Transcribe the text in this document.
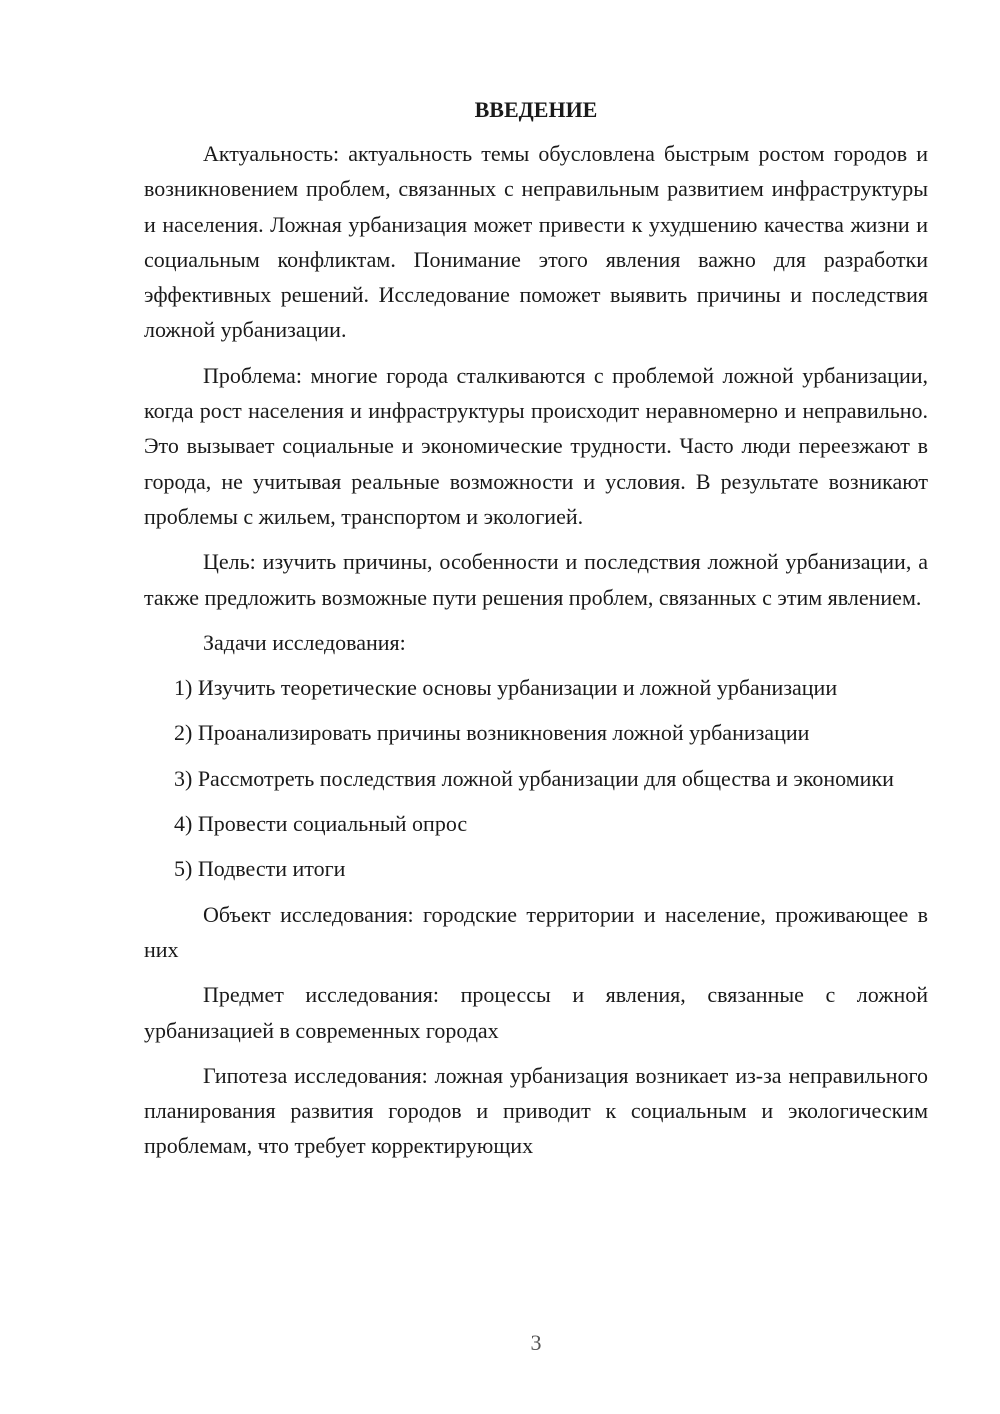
ВВЕДЕНИЕ

Актуальность: актуальность темы обусловлена быстрым ростом городов и возникновением проблем, связанных с неправильным развитием инфраструктуры и населения. Ложная урбанизация может привести к ухудшению качества жизни и социальным конфликтам. Понимание этого явления важно для разработки эффективных решений. Исследование поможет выявить причины и последствия ложной урбанизации.

Проблема: многие города сталкиваются с проблемой ложной урбанизации, когда рост населения и инфраструктуры происходит неравномерно и неправильно. Это вызывает социальные и экономические трудности. Часто люди переезжают в города, не учитывая реальные возможности и условия. В результате возникают проблемы с жильем, транспортом и экологией.

Цель: изучить причины, особенности и последствия ложной урбанизации, а также предложить возможные пути решения проблем, связанных с этим явлением.

Задачи исследования:

1) Изучить теоретические основы урбанизации и ложной урбанизации

2) Проанализировать причины возникновения ложной урбанизации

3) Рассмотреть последствия ложной урбанизации для общества и экономики

4) Провести социальный опрос

5) Подвести итоги

Объект исследования: городские территории и население, проживающее в них

Предмет исследования: процессы и явления, связанные с ложной урбанизацией в современных городах

Гипотеза исследования: ложная урбанизация возникает из-за неправильного планирования развития городов и приводит к социальным и экологическим проблемам, что требует корректирующих

3
